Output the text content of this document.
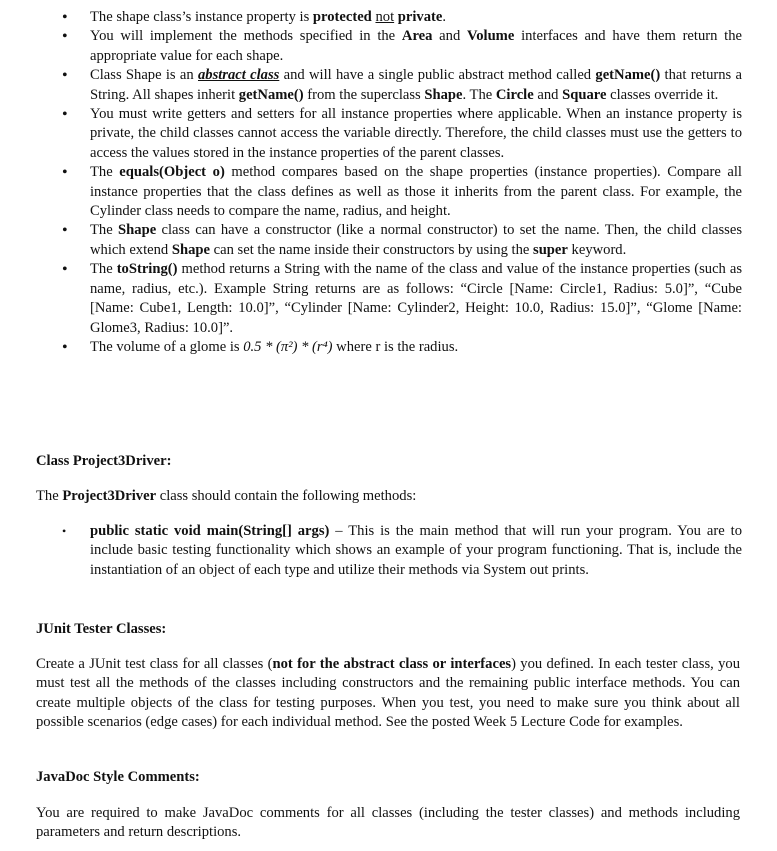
• The shape class’s instance property is protected not private.
• You will implement the methods specified in the Area and Volume interfaces and have them return the appropriate value for each shape.
• Class Shape is an abstract class and will have a single public abstract method called getName() that returns a String. All shapes inherit getName() from the superclass Shape. The Circle and Square classes override it.
• You must write getters and setters for all instance properties where applicable. When an instance property is private, the child classes cannot access the variable directly. Therefore, the child classes must use the getters to access the values stored in the instance properties of the parent classes.
• The equals(Object o) method compares based on the shape properties (instance properties). Compare all instance properties that the class defines as well as those it inherits from the parent class. For example, the Cylinder class needs to compare the name, radius, and height.
• The Shape class can have a constructor (like a normal constructor) to set the name. Then, the child classes which extend Shape can set the name inside their constructors by using the super keyword.
• The toString() method returns a String with the name of the class and value of the instance properties (such as name, radius, etc.). Example String returns are as follows: “Circle [Name: Circle1, Radius: 5.0]”, “Cube [Name: Cube1, Length: 10.0]”, “Cylinder [Name: Cylinder2, Height: 10.0, Radius: 15.0]”, “Glome [Name: Glome3, Radius: 10.0]”.
• The volume of a glome is 0.5 * (π²) * (r⁴) where r is the radius.
Class Project3Driver:
The Project3Driver class should contain the following methods:
• public static void main(String[] args) – This is the main method that will run your program. You are to include basic testing functionality which shows an example of your program functioning. That is, include the instantiation of an object of each type and utilize their methods via System out prints.
JUnit Tester Classes:
Create a JUnit test class for all classes (not for the abstract class or interfaces) you defined. In each tester class, you must test all the methods of the classes including constructors and the remaining public interface methods. You can create multiple objects of the class for testing purposes. When you test, you need to make sure you think about all possible scenarios (edge cases) for each individual method. See the posted Week 5 Lecture Code for examples.
JavaDoc Style Comments:
You are required to make JavaDoc comments for all classes (including the tester classes) and methods including parameters and return descriptions.
